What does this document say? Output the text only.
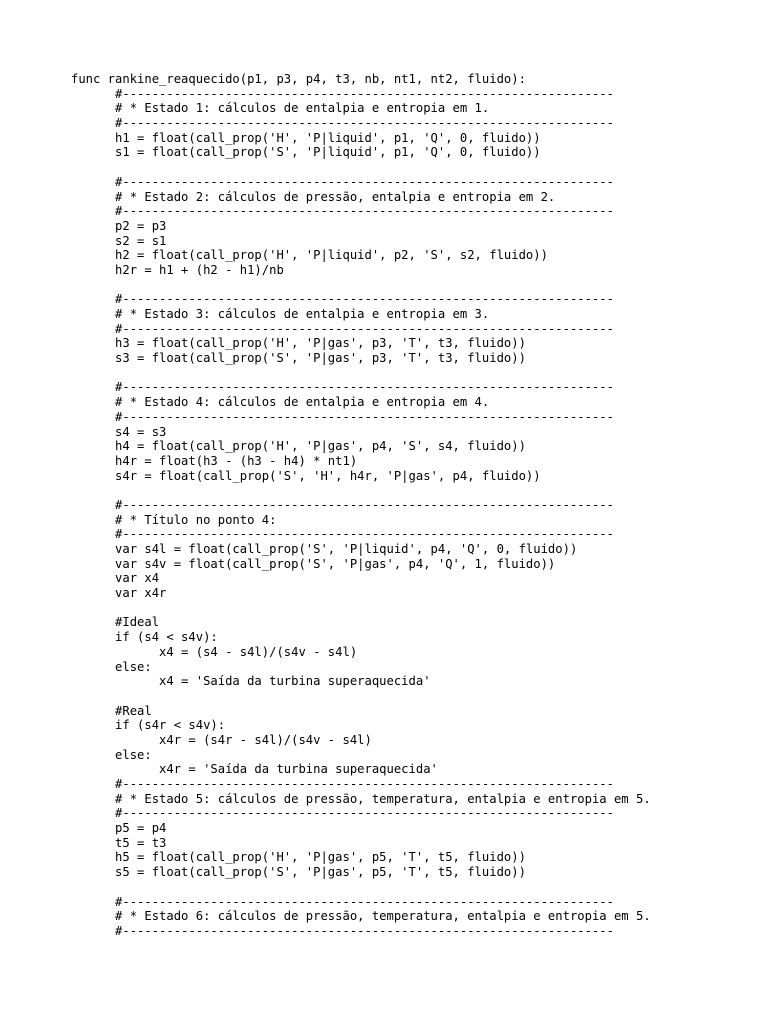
func rankine_reaquecido(p1, p3, p4, t3, nb, nt1, nt2, fluido):
#-------------------------------------------------------------------
# * Estado 1: cálculos de entalpia e entropia em 1.
#-------------------------------------------------------------------
h1 = float(call_prop('H', 'P|liquid', p1, 'Q', 0, fluido))
s1 = float(call_prop('S', 'P|liquid', p1, 'Q', 0, fluido))
#-------------------------------------------------------------------
# * Estado 2: cálculos de pressão, entalpia e entropia em 2.
#-------------------------------------------------------------------
p2 = p3
s2 = s1
h2 = float(call_prop('H', 'P|liquid', p2, 'S', s2, fluido))
h2r = h1 + (h2 - h1)/nb
#-------------------------------------------------------------------
# * Estado 3: cálculos de entalpia e entropia em 3.
#-------------------------------------------------------------------
h3 = float(call_prop('H', 'P|gas', p3, 'T', t3, fluido))
s3 = float(call_prop('S', 'P|gas', p3, 'T', t3, fluido))
#-------------------------------------------------------------------
# * Estado 4: cálculos de entalpia e entropia em 4.
#-------------------------------------------------------------------
s4 = s3
h4 = float(call_prop('H', 'P|gas', p4, 'S', s4, fluido))
h4r = float(h3 - (h3 - h4) * nt1)
s4r = float(call_prop('S', 'H', h4r, 'P|gas', p4, fluido))
#-------------------------------------------------------------------
# * Título no ponto 4:
#-------------------------------------------------------------------
var s4l = float(call_prop('S', 'P|liquid', p4, 'Q', 0, fluido))
var s4v = float(call_prop('S', 'P|gas', p4, 'Q', 1, fluido))
var x4
var x4r
#Ideal
if (s4 < s4v):
x4 = (s4 - s4l)/(s4v - s4l)
else:
x4 = 'Saída da turbina superaquecida'
#Real
if (s4r < s4v):
x4r = (s4r - s4l)/(s4v - s4l)
else:
x4r = 'Saída da turbina superaquecida'
#-------------------------------------------------------------------
# * Estado 5: cálculos de pressão, temperatura, entalpia e entropia em 5.
#-------------------------------------------------------------------
p5 = p4
t5 = t3
h5 = float(call_prop('H', 'P|gas', p5, 'T', t5, fluido))
s5 = float(call_prop('S', 'P|gas', p5, 'T', t5, fluido))
#-------------------------------------------------------------------
# * Estado 6: cálculos de pressão, temperatura, entalpia e entropia em 5.
#-------------------------------------------------------------------
